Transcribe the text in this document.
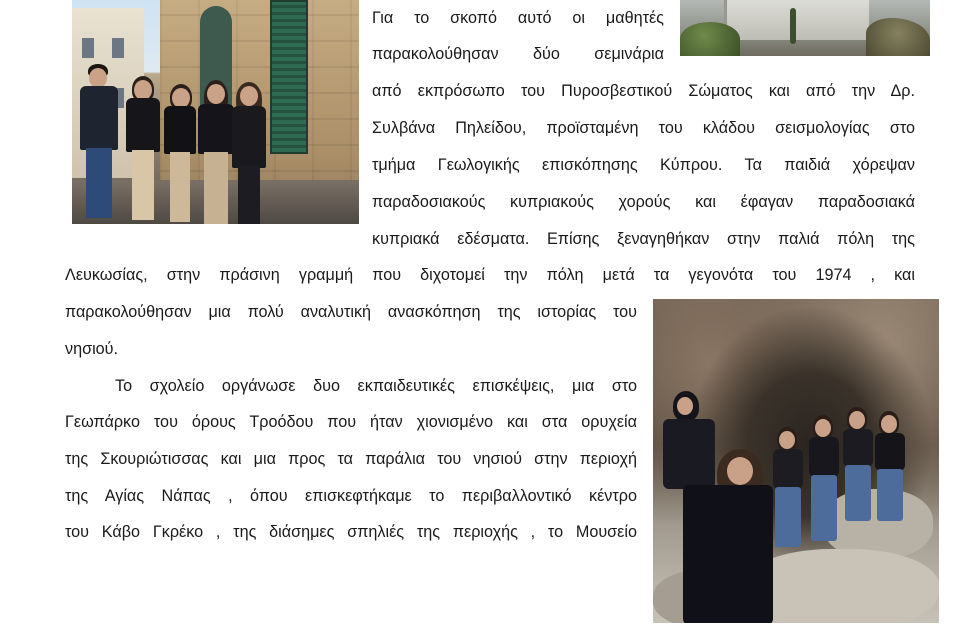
Για το σκοπό αυτό οι μαθητές
παρακολούθησαν δύο σεμινάρια
από εκπρόσωπο του Πυροσβεστικού Σώματος και από την Δρ.
Συλβάνα Πηλείδου, προϊσταμένη του κλάδου σεισμολογίας στο
τμήμα Γεωλογικής επισκόπησης Κύπρου. Τα παιδιά χόρεψαν
παραδοσιακούς κυπριακούς χορούς και έφαγαν παραδοσιακά
κυπριακά εδέσματα. Επίσης ξεναγηθήκαν στην παλιά πόλη της
Λευκωσίας, στην πράσινη γραμμή που διχοτομεί την πόλη μετά τα γεγονότα του 1974 , και
παρακολούθησαν μια πολύ αναλυτική ανασκόπηση της ιστορίας του
νησιού.
Το σχολείο οργάνωσε δυο εκπαιδευτικές επισκέψεις, μια στο
Γεωπάρκο του όρους Τροόδου που ήταν χιονισμένο και στα ορυχεία
της Σκουριώτισσας και μια προς τα παράλια του νησιού στην περιοχή
της Αγίας Νάπας , όπου επισκεφτήκαμε το περιβαλλοντικό κέντρο
του Κάβο Γκρέκο , της διάσημες σπηλιές της περιοχής , το Μουσείο
